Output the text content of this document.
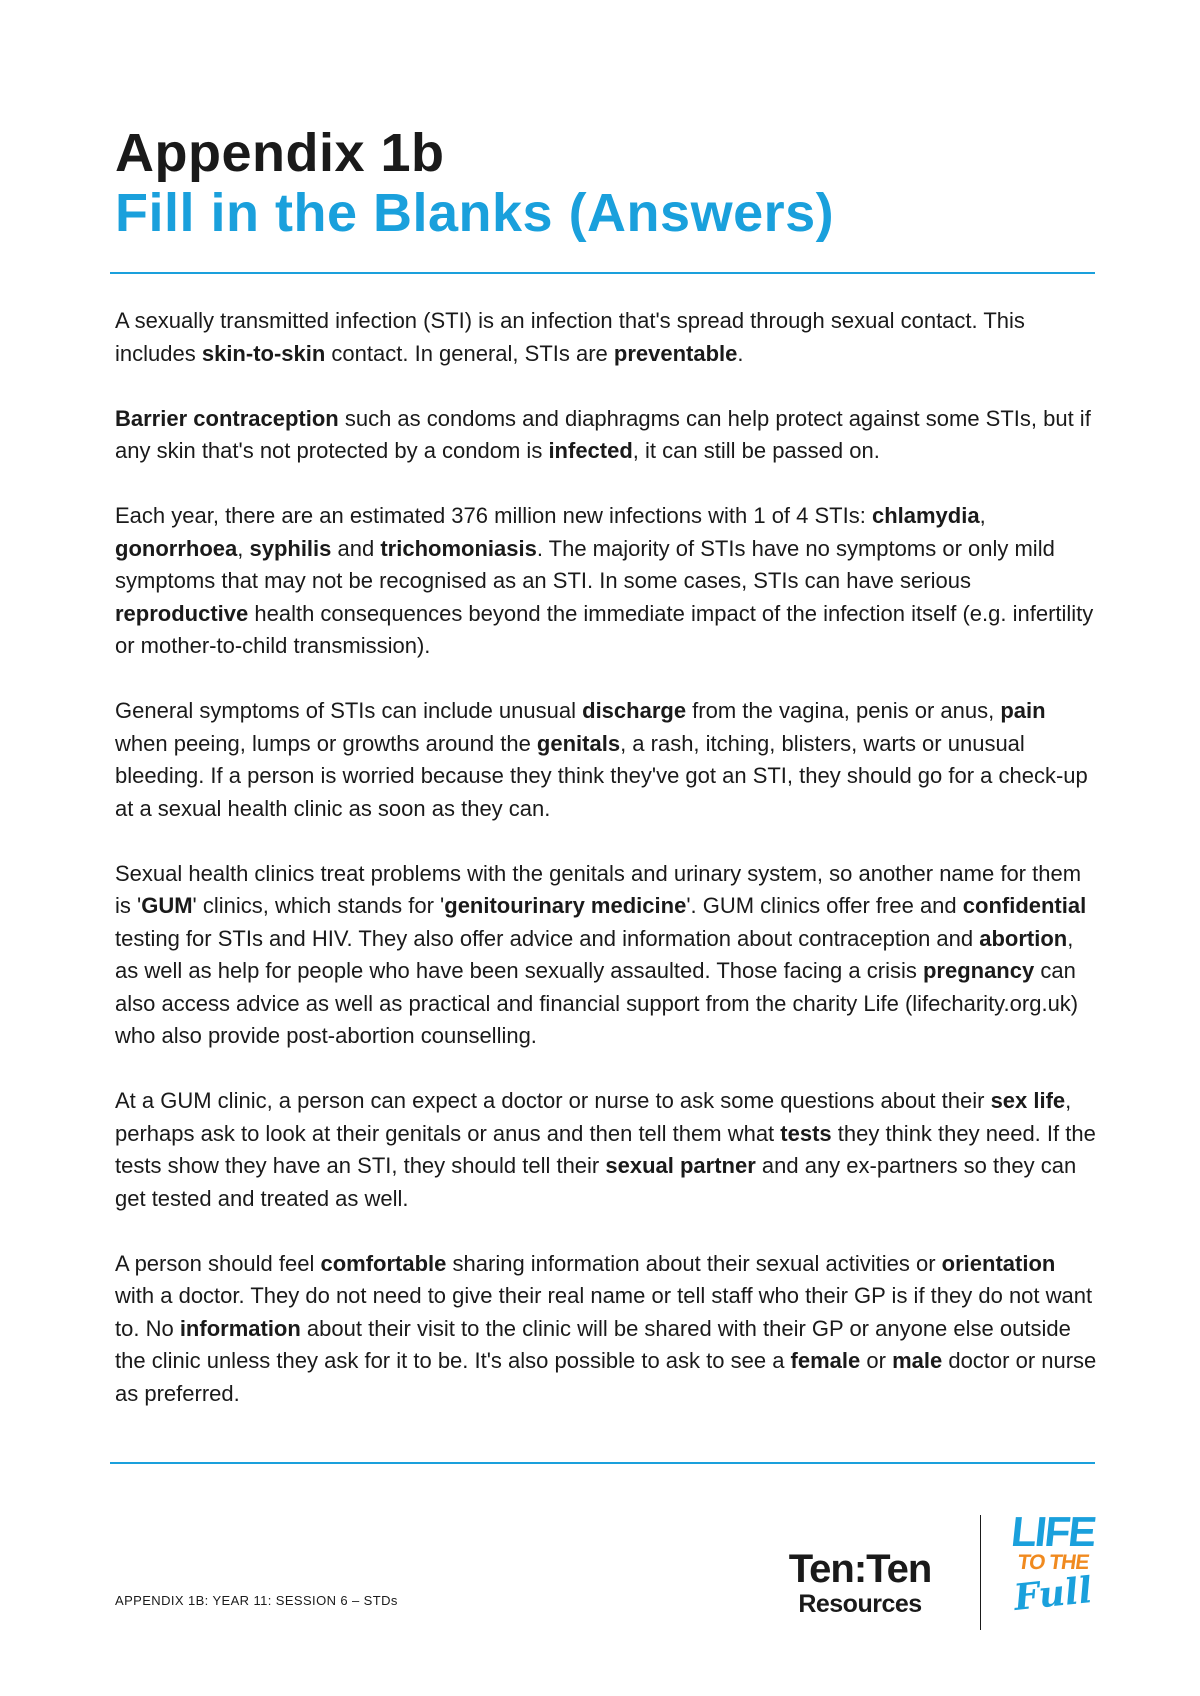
Appendix 1b
Fill in the Blanks (Answers)

A sexually transmitted infection (STI) is an infection that's spread through sexual contact. This includes skin-to-skin contact. In general, STIs are preventable.

Barrier contraception such as condoms and diaphragms can help protect against some STIs, but if any skin that's not protected by a condom is infected, it can still be passed on.

Each year, there are an estimated 376 million new infections with 1 of 4 STIs: chlamydia, gonorrhoea, syphilis and trichomoniasis. The majority of STIs have no symptoms or only mild symptoms that may not be recognised as an STI. In some cases, STIs can have serious reproductive health consequences beyond the immediate impact of the infection itself (e.g. infertility or mother-to-child transmission).

General symptoms of STIs can include unusual discharge from the vagina, penis or anus, pain when peeing, lumps or growths around the genitals, a rash, itching, blisters, warts or unusual bleeding. If a person is worried because they think they've got an STI, they should go for a check-up at a sexual health clinic as soon as they can.

Sexual health clinics treat problems with the genitals and urinary system, so another name for them is 'GUM' clinics, which stands for 'genitourinary medicine'. GUM clinics offer free and confidential testing for STIs and HIV. They also offer advice and information about contraception and abortion, as well as help for people who have been sexually assaulted. Those facing a crisis pregnancy can also access advice as well as practical and financial support from the charity Life (lifecharity.org.uk) who also provide post-abortion counselling.

At a GUM clinic, a person can expect a doctor or nurse to ask some questions about their sex life, perhaps ask to look at their genitals or anus and then tell them what tests they think they need. If the tests show they have an STI, they should tell their sexual partner and any ex-partners so they can get tested and treated as well.

A person should feel comfortable sharing information about their sexual activities or orientation with a doctor. They do not need to give their real name or tell staff who their GP is if they do not want to. No information about their visit to the clinic will be shared with their GP or anyone else outside the clinic unless they ask for it to be. It's also possible to ask to see a female or male doctor or nurse as preferred.

APPENDIX 1B: YEAR 11: SESSION 6 – STDs
Ten:Ten
Resources
LIFE
TO THE
Full
